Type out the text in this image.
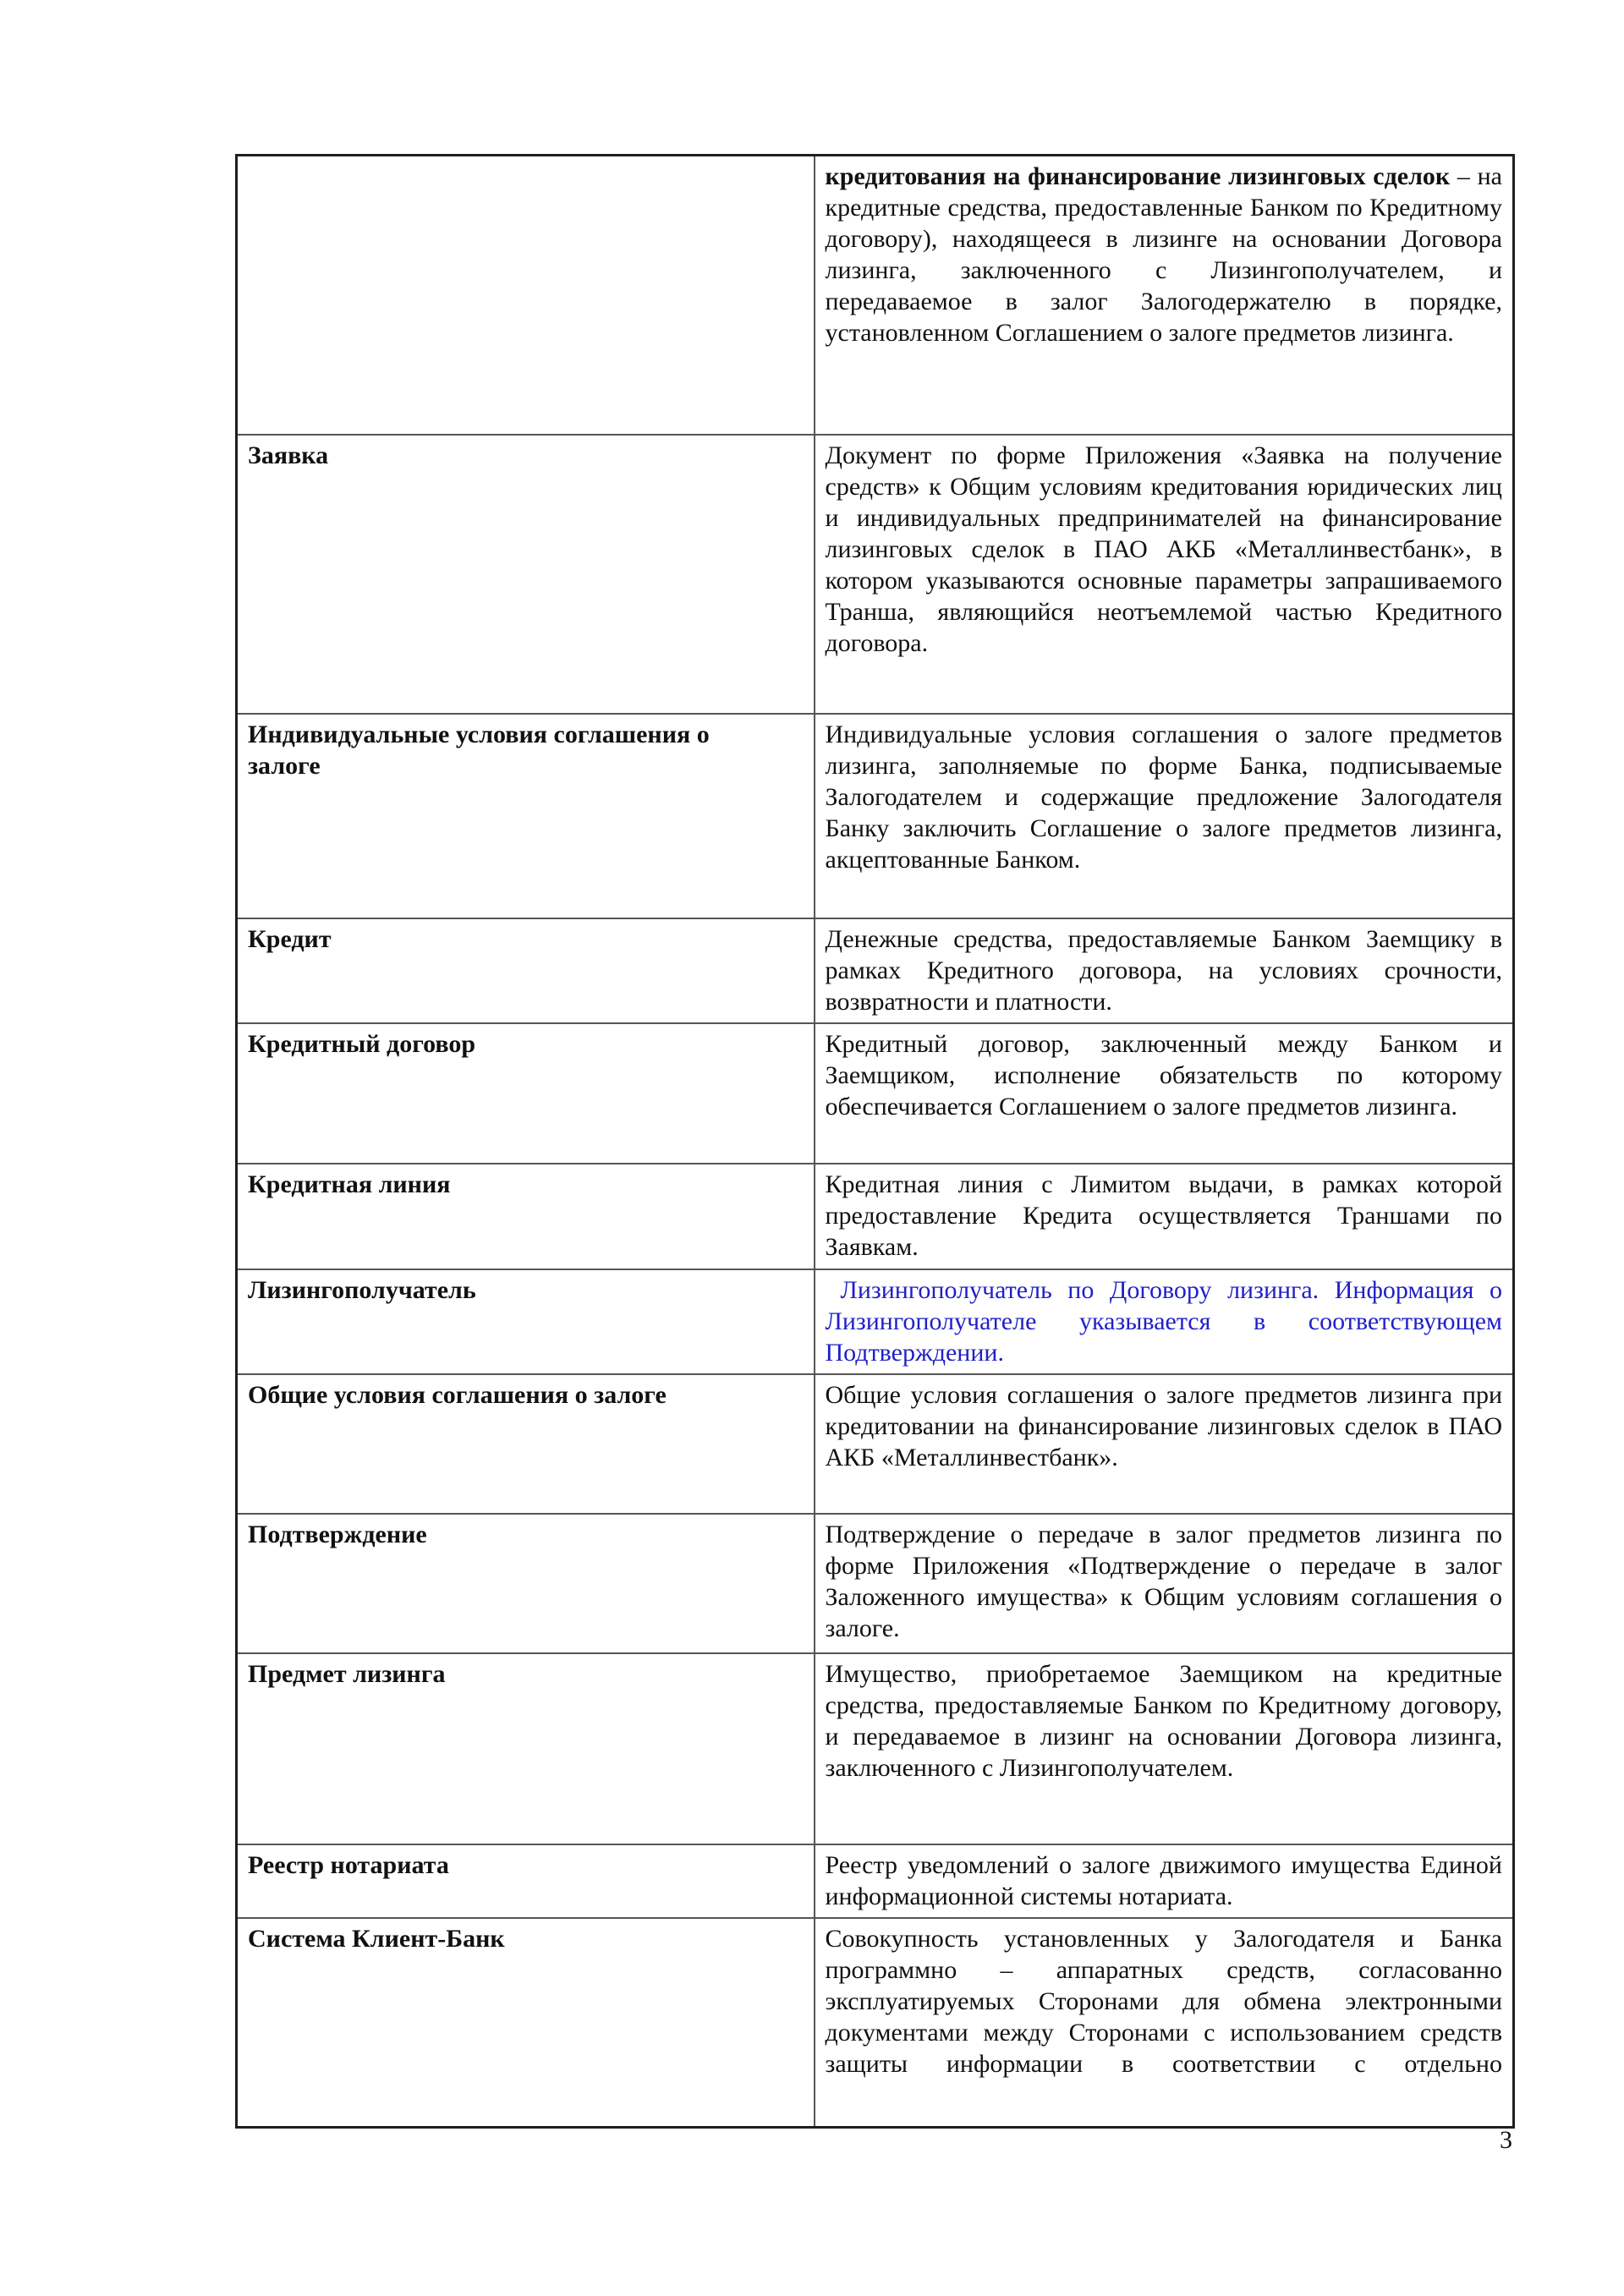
	кредитования на финансирование лизинговых сделок – на кредитные средства, предоставленные Банком по Кредитному договору), находящееся в лизинге на основании Договора лизинга, заключенного с Лизингополучателем, и передаваемое в залог Залогодержателю в порядке, установленном Соглашением о залоге предметов лизинга.
Заявка	Документ по форме Приложения «Заявка на получение средств» к Общим условиям кредитования юридических лиц и индивидуальных предпринимателей на финансирование лизинговых сделок в ПАО АКБ «Металлинвестбанк», в котором указываются основные параметры запрашиваемого Транша, являющийся неотъемлемой частью Кредитного договора.
Индивидуальные условия соглашения о залоге	Индивидуальные условия соглашения о залоге предметов лизинга, заполняемые по форме Банка, подписываемые Залогодателем и содержащие предложение Залогодателя Банку заключить Соглашение о залоге предметов лизинга, акцептованные Банком.
Кредит	Денежные средства, предоставляемые Банком Заемщику в рамках Кредитного договора, на условиях срочности, возвратности и платности.
Кредитный договор	Кредитный договор, заключенный между Банком и Заемщиком, исполнение обязательств по которому обеспечивается Соглашением о залоге предметов лизинга.
Кредитная линия	Кредитная линия с Лимитом выдачи, в рамках которой предоставление Кредита осуществляется Траншами по Заявкам.
Лизингополучатель	Лизингополучатель по Договору лизинга. Информация о Лизингополучателе указывается в соответствующем Подтверждении.
Общие условия соглашения о залоге	Общие условия соглашения о залоге предметов лизинга при кредитовании на финансирование лизинговых сделок в ПАО АКБ «Металлинвестбанк».
Подтверждение	Подтверждение о передаче в залог предметов лизинга по форме Приложения «Подтверждение о передаче в залог Заложенного имущества» к Общим условиям соглашения о залоге.
Предмет лизинга	Имущество, приобретаемое Заемщиком на кредитные средства, предоставляемые Банком по Кредитному договору, и передаваемое в лизинг на основании Договора лизинга, заключенного с Лизингополучателем.
Реестр нотариата	Реестр уведомлений о залоге движимого имущества Единой информационной системы нотариата.
Система Клиент-Банк	Совокупность установленных у Залогодателя и Банка программно – аппаратных средств, согласованно эксплуатируемых Сторонами для обмена электронными документами между Сторонами с использованием средств защиты информации в соответствии с отдельно
3
